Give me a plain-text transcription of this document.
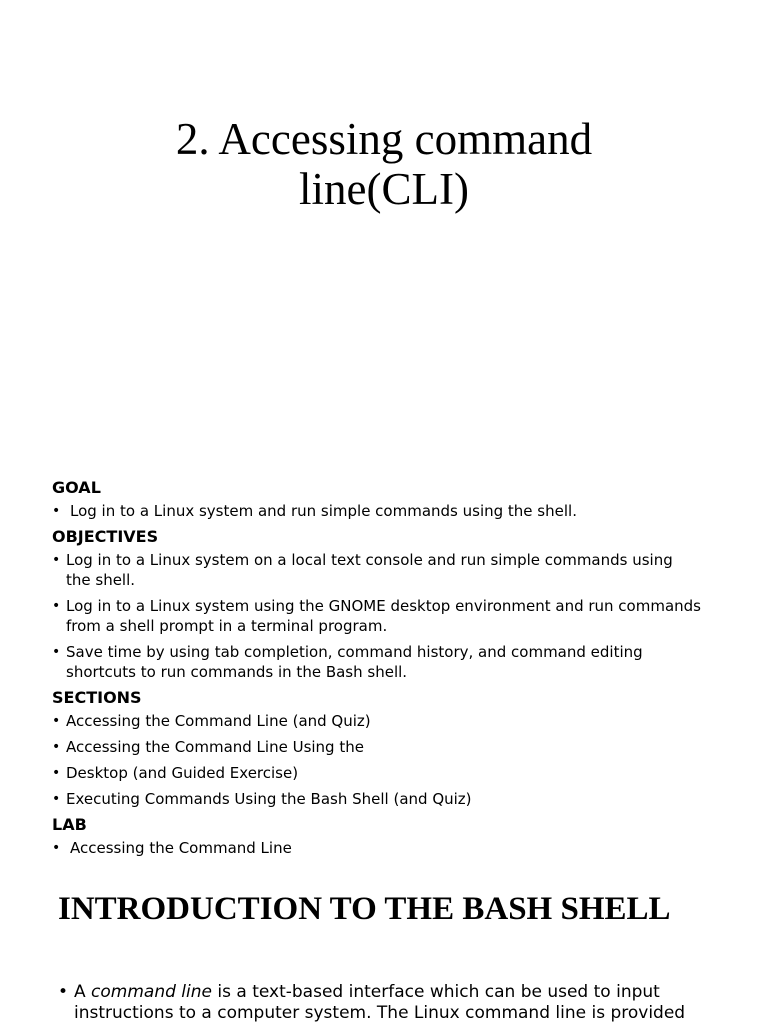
2. Accessing command
line(CLI)
GOAL
• Log in to a Linux system and run simple commands using the shell.
OBJECTIVES
• Log in to a Linux system on a local text console and run simple commands using the shell.
• Log in to a Linux system using the GNOME desktop environment and run commands from a shell prompt in a terminal program.
• Save time by using tab completion, command history, and command editing shortcuts to run commands in the Bash shell.
SECTIONS
• Accessing the Command Line (and Quiz)
• Accessing the Command Line Using the
• Desktop (and Guided Exercise)
• Executing Commands Using the Bash Shell (and Quiz)
LAB
• Accessing the Command Line
INTRODUCTION TO THE BASH SHELL
• A command line is a text-based interface which can be used to input instructions to a computer system. The Linux command line is provided
